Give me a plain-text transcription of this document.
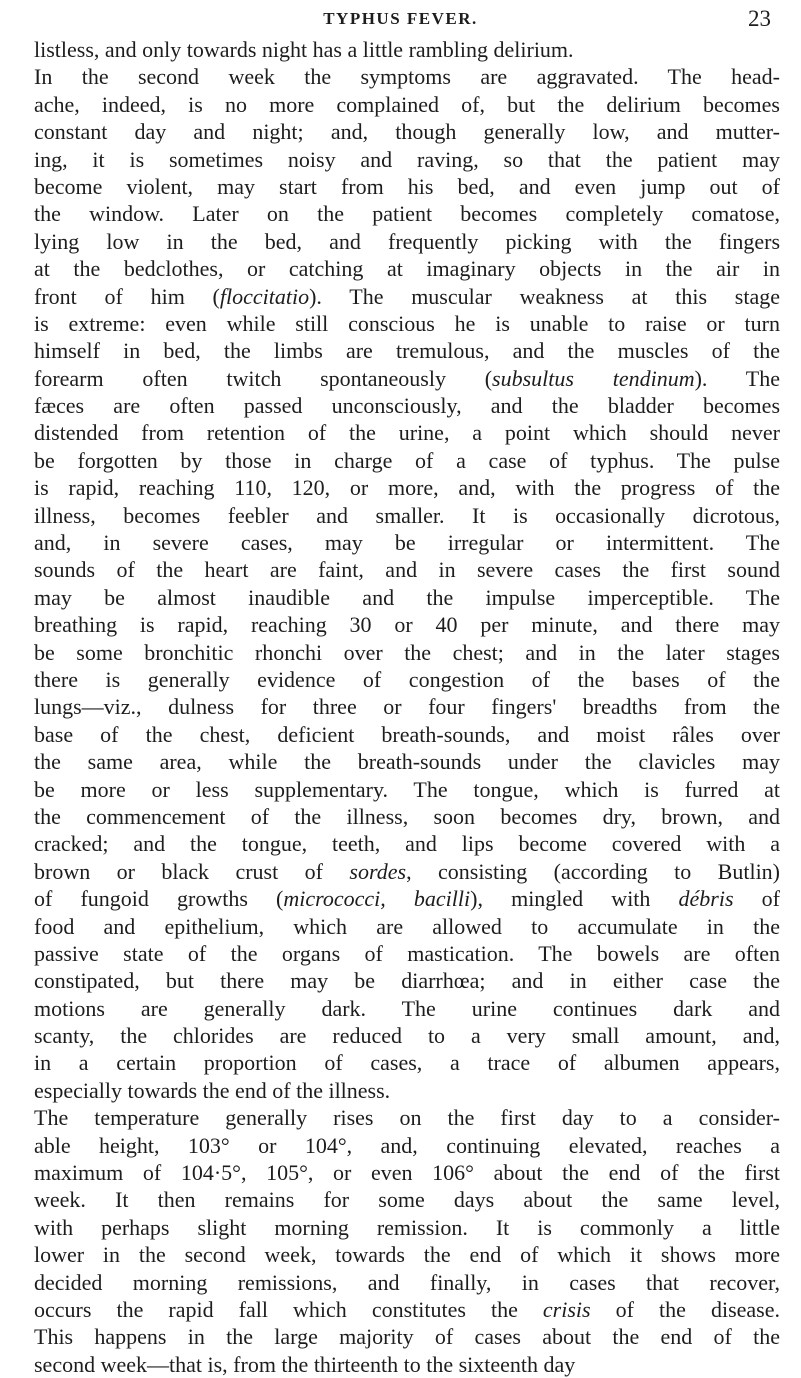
TYPHUS FEVER.	23
listless, and only towards night has a little rambling delirium.
In the second week the symptoms are aggravated. The head-
ache, indeed, is no more complained of, but the delirium becomes
constant day and night; and, though generally low, and mutter-
ing, it is sometimes noisy and raving, so that the patient may
become violent, may start from his bed, and even jump out of
the window. Later on the patient becomes completely comatose,
lying low in the bed, and frequently picking with the fingers
at the bedclothes, or catching at imaginary objects in the air in
front of him (floccitatio). The muscular weakness at this stage
is extreme: even while still conscious he is unable to raise or turn
himself in bed, the limbs are tremulous, and the muscles of the
forearm often twitch spontaneously (subsultus tendinum). The
fæces are often passed unconsciously, and the bladder becomes
distended from retention of the urine, a point which should never
be forgotten by those in charge of a case of typhus. The pulse
is rapid, reaching 110, 120, or more, and, with the progress of the
illness, becomes feebler and smaller. It is occasionally dicrotous,
and, in severe cases, may be irregular or intermittent. The
sounds of the heart are faint, and in severe cases the first sound
may be almost inaudible and the impulse imperceptible. The
breathing is rapid, reaching 30 or 40 per minute, and there may
be some bronchitic rhonchi over the chest; and in the later stages
there is generally evidence of congestion of the bases of the
lungs—viz., dulness for three or four fingers' breadths from the
base of the chest, deficient breath-sounds, and moist râles over
the same area, while the breath-sounds under the clavicles may
be more or less supplementary. The tongue, which is furred at
the commencement of the illness, soon becomes dry, brown, and
cracked; and the tongue, teeth, and lips become covered with a
brown or black crust of sordes, consisting (according to Butlin)
of fungoid growths (micrococci, bacilli), mingled with débris of
food and epithelium, which are allowed to accumulate in the
passive state of the organs of mastication. The bowels are often
constipated, but there may be diarrhœa; and in either case the
motions are generally dark. The urine continues dark and
scanty, the chlorides are reduced to a very small amount, and,
in a certain proportion of cases, a trace of albumen appears,
especially towards the end of the illness.
The temperature generally rises on the first day to a consider-
able height, 103° or 104°, and, continuing elevated, reaches a
maximum of 104·5°, 105°, or even 106° about the end of the first
week. It then remains for some days about the same level,
with perhaps slight morning remission. It is commonly a little
lower in the second week, towards the end of which it shows more
decided morning remissions, and finally, in cases that recover,
occurs the rapid fall which constitutes the crisis of the disease.
This happens in the large majority of cases about the end of the
second week—that is, from the thirteenth to the sixteenth day
